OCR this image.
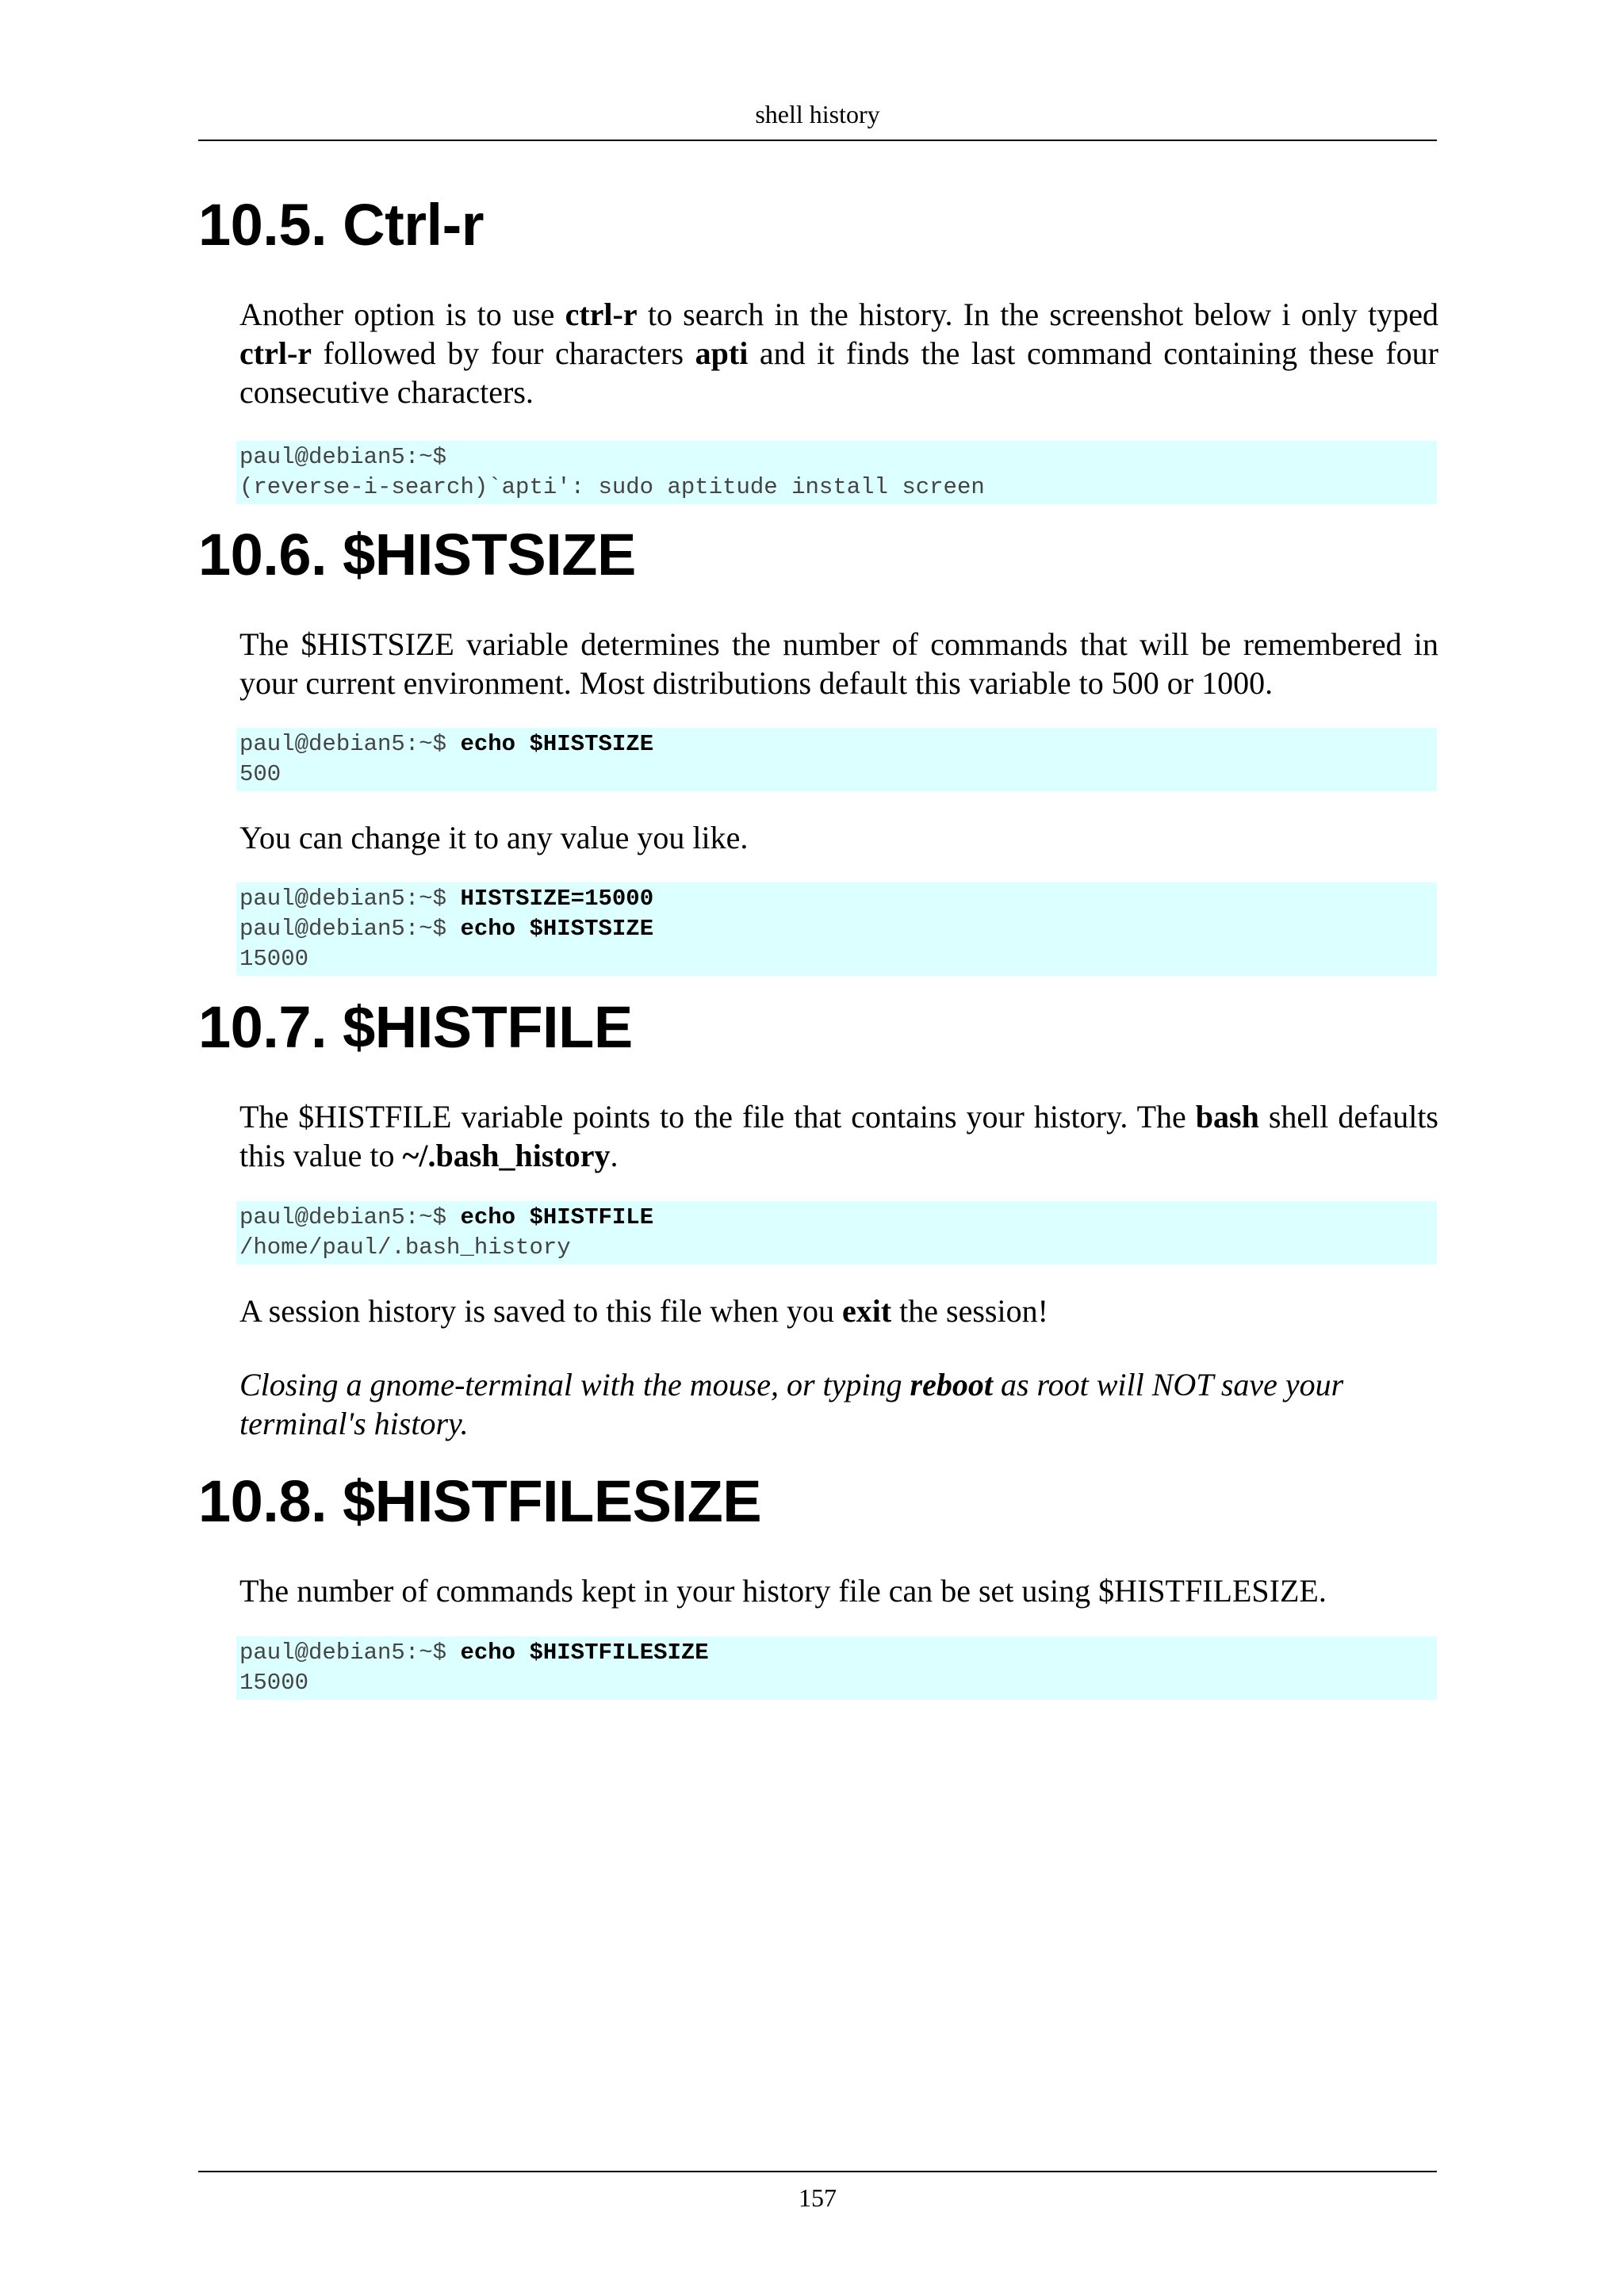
shell history
10.5. Ctrl-r

Another option is to use ctrl-r to search in the history. In the screenshot below i only typed ctrl-r followed by four characters apti and it finds the last command containing these four consecutive characters.

paul@debian5:~$
(reverse-i-search)`apti': sudo aptitude install screen
10.6. $HISTSIZE

The $HISTSIZE variable determines the number of commands that will be remembered in your current environment. Most distributions default this variable to 500 or 1000.

paul@debian5:~$ echo $HISTSIZE
500

You can change it to any value you like.

paul@debian5:~$ HISTSIZE=15000
paul@debian5:~$ echo $HISTSIZE
15000
10.7. $HISTFILE

The $HISTFILE variable points to the file that contains your history. The bash shell defaults this value to ~/.bash_history.

paul@debian5:~$ echo $HISTFILE
/home/paul/.bash_history

A session history is saved to this file when you exit the session!

Closing a gnome-terminal with the mouse, or typing reboot as root will NOT save your terminal's history.

10.8. $HISTFILESIZE

The number of commands kept in your history file can be set using $HISTFILESIZE.

paul@debian5:~$ echo $HISTFILESIZE
15000
157
